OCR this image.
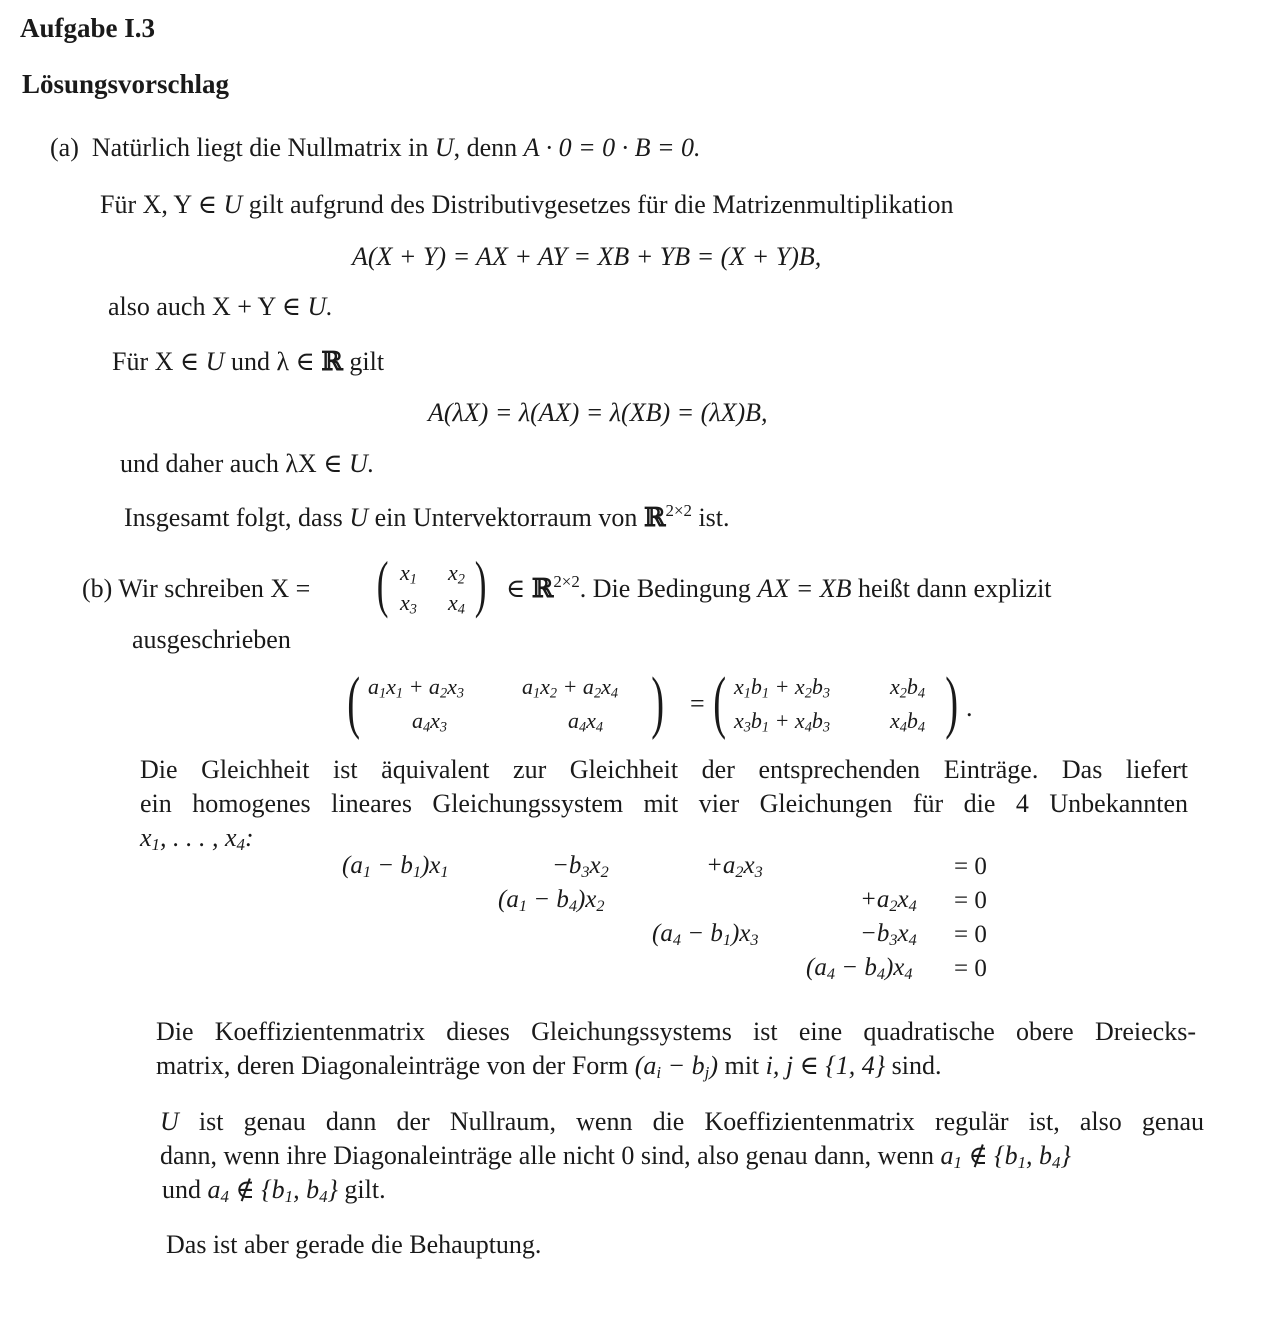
Aufgabe I.3
Lösungsvorschlag
(a) Natürlich liegt die Nullmatrix in U, denn A · 0 = 0 · B = 0.
Für X, Y ∈ U gilt aufgrund des Distributivgesetzes für die Matrizenmultiplikation
A(X + Y) = AX + AY = XB + YB = (X + Y)B,
also auch X + Y ∈ U.
Für X ∈ U und λ ∈ ℝ gilt
A(λX) = λ(AX) = λ(XB) = (λX)B,
und daher auch λX ∈ U.
Insgesamt folgt, dass U ein Untervektorraum von ℝ$^{2\times 2}$ ist.
(b) Wir schreiben X = ( $x_1$ $x_2$
$x_3$ $x_4$ ) ∈ ℝ$^{2\times 2}$. Die Bedingung AX = XB heißt dann explizit
ausgeschrieben
( $a_1x_1 + a_2x_3$	$a_1x_2 + a_2x_4$
$a_4x_3$	$a_4x_4$ ) = ( $x_1b_1 + x_2b_3$	$x_2b_4$
$x_3b_1 + x_4b_3$	$x_4b_4$ ) .
Die Gleichheit ist äquivalent zur Gleichheit der entsprechenden Einträge. Das liefert
ein homogenes lineares Gleichungssystem mit vier Gleichungen für die 4 Unbekannten
$x_1$, . . . , $x_4$:
$(a_1 - b_1)x_1$	$-b_3x_2$	$+a_2x_3$	= 0
$(a_1 - b_4)x_2$	$+a_2x_4 = 0$
$(a_4 - b_1)x_3$	$-b_3x_4 = 0$
$(a_4 - b_4)x_4 = 0$
Die Koeffizientenmatrix dieses Gleichungssystems ist eine quadratische obere Dreiecks-
matrix, deren Diagonaleinträge von der Form $(a_i - b_j)$ mit i, j ∈ {1, 4} sind.
U ist genau dann der Nullraum, wenn die Koeffizientenmatrix regulär ist, also genau
dann, wenn ihre Diagonaleinträge alle nicht 0 sind, also genau dann, wenn $a_1$ ∉ {$b_1$, $b_4$}
und $a_4$ ∉ {$b_1$, $b_4$} gilt.
Das ist aber gerade die Behauptung.
